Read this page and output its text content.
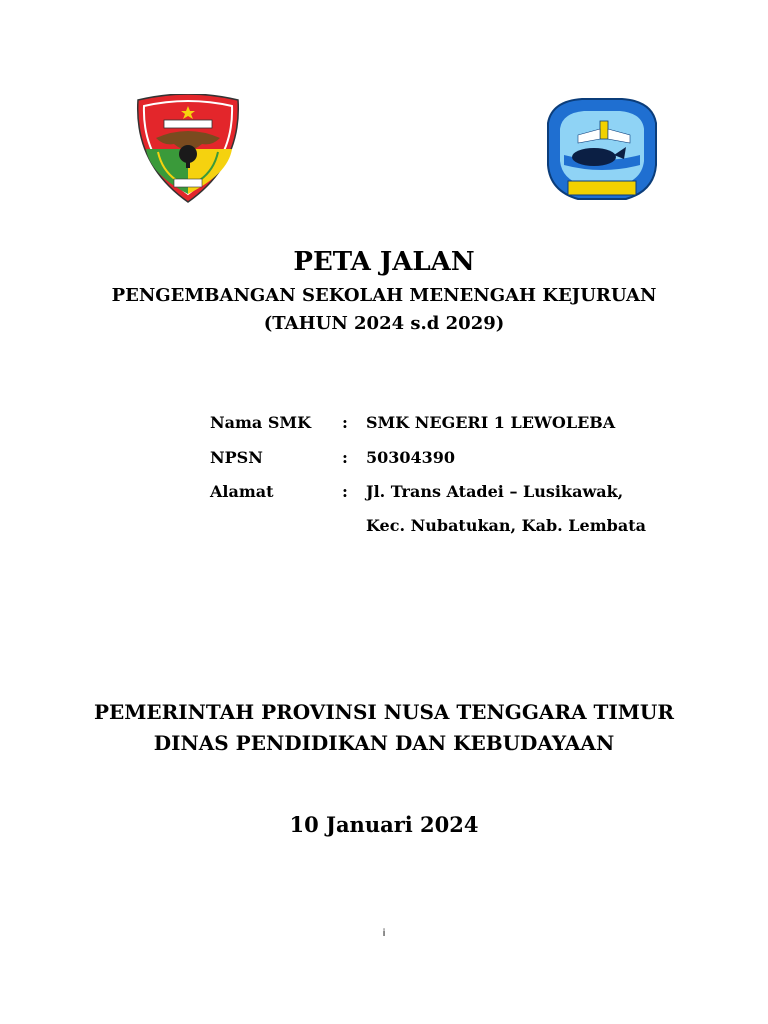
PETA JALAN
PENGEMBANGAN SEKOLAH MENENGAH KEJURUAN
(TAHUN 2024 s.d 2029)
Nama SMK : SMK NEGERI 1 LEWOLEBA
NPSN	: 50304390
Alamat	: Jl. Trans Atadei – Lusikawak,
Kec. Nubatukan, Kab. Lembata
PEMERINTAH PROVINSI NUSA TENGGARA TIMUR
DINAS PENDIDIKAN DAN KEBUDAYAAN
10 Januari 2024
i
